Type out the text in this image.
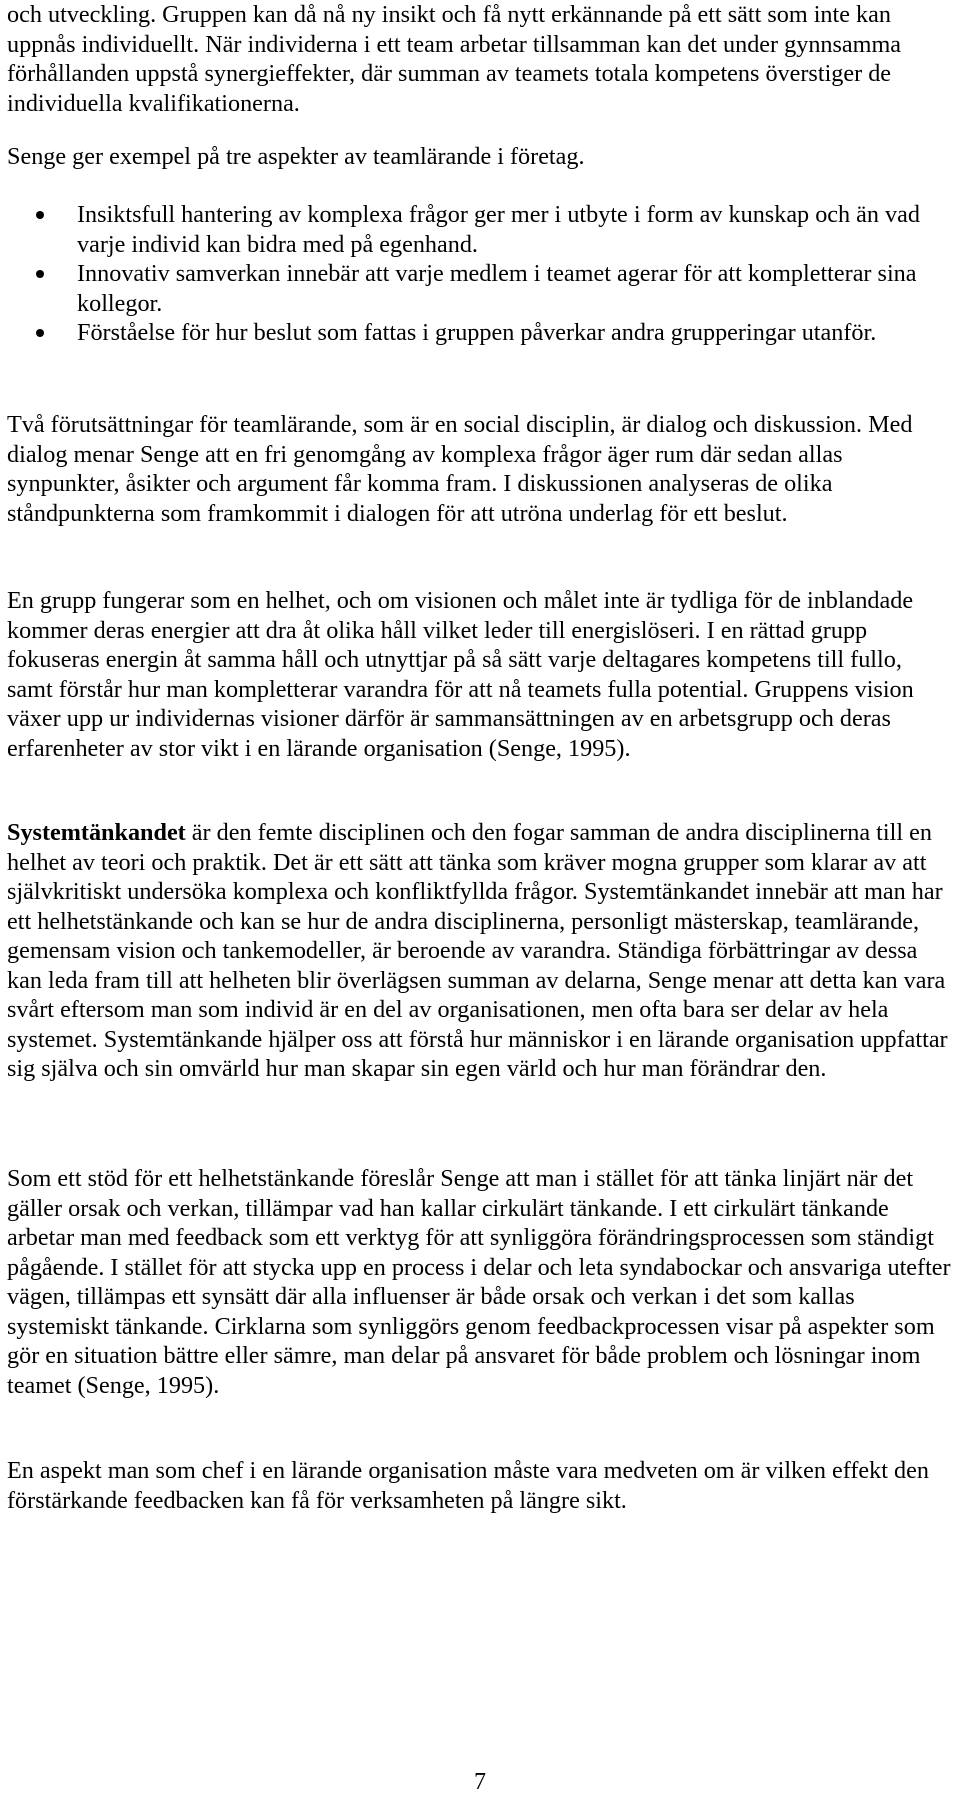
och utveckling. Gruppen kan då nå ny insikt och få nytt erkännande på ett sätt som inte kan uppnås individuellt. När individerna i ett team arbetar tillsamman kan det under gynnsamma förhållanden uppstå synergieffekter, där summan av teamets totala kompetens överstiger de individuella kvalifikationerna.

Senge ger exempel på tre aspekter av teamlärande i företag.

Insiktsfull hantering av komplexa frågor ger mer i utbyte i form av kunskap och än vad varje individ kan bidra med på egenhand.
Innovativ samverkan innebär att varje medlem i teamet agerar för att kompletterar sina kollegor.
Förståelse för hur beslut som fattas i gruppen påverkar andra grupperingar utanför.

Två förutsättningar för teamlärande, som är en social disciplin, är dialog och diskussion. Med dialog menar Senge att en fri genomgång av komplexa frågor äger rum där sedan allas synpunkter, åsikter och argument får komma fram. I diskussionen analyseras de olika ståndpunkterna som framkommit i dialogen för att utröna underlag för ett beslut.

En grupp fungerar som en helhet, och om visionen och målet inte är tydliga för de inblandade kommer deras energier att dra åt olika håll vilket leder till energislöseri. I en rättad grupp fokuseras energin åt samma håll och utnyttjar på så sätt varje deltagares kompetens till fullo, samt förstår hur man kompletterar varandra för att nå teamets fulla potential. Gruppens vision växer upp ur individernas visioner därför är sammansättningen av en arbetsgrupp och deras erfarenheter av stor vikt i en lärande organisation (Senge, 1995).

Systemtänkandet är den femte disciplinen och den fogar samman de andra disciplinerna till en helhet av teori och praktik. Det är ett sätt att tänka som kräver mogna grupper som klarar av att självkritiskt undersöka komplexa och konfliktfyllda frågor. Systemtänkandet innebär att man har ett helhetstänkande och kan se hur de andra disciplinerna, personligt mästerskap, teamlärande, gemensam vision och tankemodeller, är beroende av varandra. Ständiga förbättringar av dessa kan leda fram till att helheten blir överlägsen summan av delarna, Senge menar att detta kan vara svårt eftersom man som individ är en del av organisationen, men ofta bara ser delar av hela systemet. Systemtänkande hjälper oss att förstå hur människor i en lärande organisation uppfattar sig själva och sin omvärld hur man skapar sin egen värld och hur man förändrar den.

Som ett stöd för ett helhetstänkande föreslår Senge att man i stället för att tänka linjärt när det gäller orsak och verkan, tillämpar vad han kallar cirkulärt tänkande. I ett cirkulärt tänkande arbetar man med feedback som ett verktyg för att synliggöra förändringsprocessen som ständigt pågående. I stället för att stycka upp en process i delar och leta syndabockar och ansvariga utefter vägen, tillämpas ett synsätt där alla influenser är både orsak och verkan i det som kallas systemiskt tänkande. Cirklarna som synliggörs genom feedbackprocessen visar på aspekter som gör en situation bättre eller sämre, man delar på ansvaret för både problem och lösningar inom teamet (Senge, 1995).

En aspekt man som chef i en lärande organisation måste vara medveten om är vilken effekt den förstärkande feedbacken kan få för verksamheten på längre sikt.

7
